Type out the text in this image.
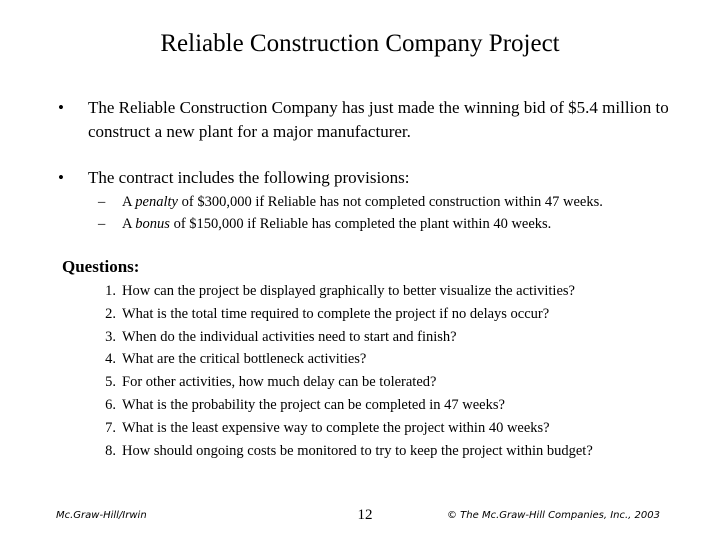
Reliable Construction Company Project
•	The Reliable Construction Company has just made the winning bid of $5.4 million to construct a new plant for a major manufacturer.
•	The contract includes the following provisions:
– A penalty of $300,000 if Reliable has not completed construction within 47 weeks.
– A bonus of $150,000 if Reliable has completed the plant within 40 weeks.
Questions:
1. How can the project be displayed graphically to better visualize the activities?
2. What is the total time required to complete the project if no delays occur?
3. When do the individual activities need to start and finish?
4. What are the critical bottleneck activities?
5. For other activities, how much delay can be tolerated?
6. What is the probability the project can be completed in 47 weeks?
7. What is the least expensive way to complete the project within 40 weeks?
8. How should ongoing costs be monitored to try to keep the project within budget?
Mc.Graw-Hill/Irwin	12	© The Mc.Graw-Hill Companies, Inc., 2003
